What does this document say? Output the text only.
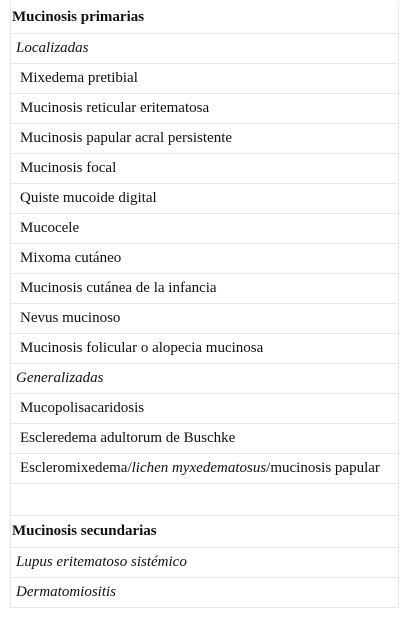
Mucinosis primarias
Localizadas
Mixedema pretibial
Mucinosis reticular eritematosa
Mucinosis papular acral persistente
Mucinosis focal
Quiste mucoide digital
Mucocele
Mixoma cutáneo
Mucinosis cutánea de la infancia
Nevus mucinoso
Mucinosis folicular o alopecia mucinosa
Generalizadas
Mucopolisacaridosis
Escleredema adultorum de Buschke
Escleromixedema/ lichen myxedematosus /mucinosis papular
Mucinosis secundarias
Lupus eritematoso sistémico
Dermatomiositis
